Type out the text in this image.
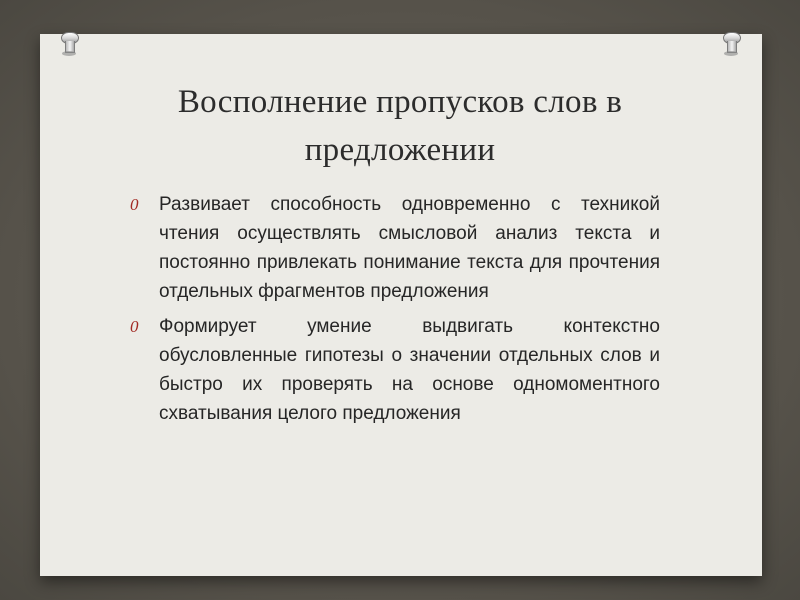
Восполнение пропусков слов в предложении
0 Развивает способность одновременно с техникой чтения осуществлять смысловой анализ текста и постоянно привлекать понимание текста для прочтения отдельных фрагментов предложения
0 Формирует умение выдвигать контекстно обусловленные гипотезы о значении отдельных слов и быстро их проверять на основе одномоментного схватывания целого предложения
